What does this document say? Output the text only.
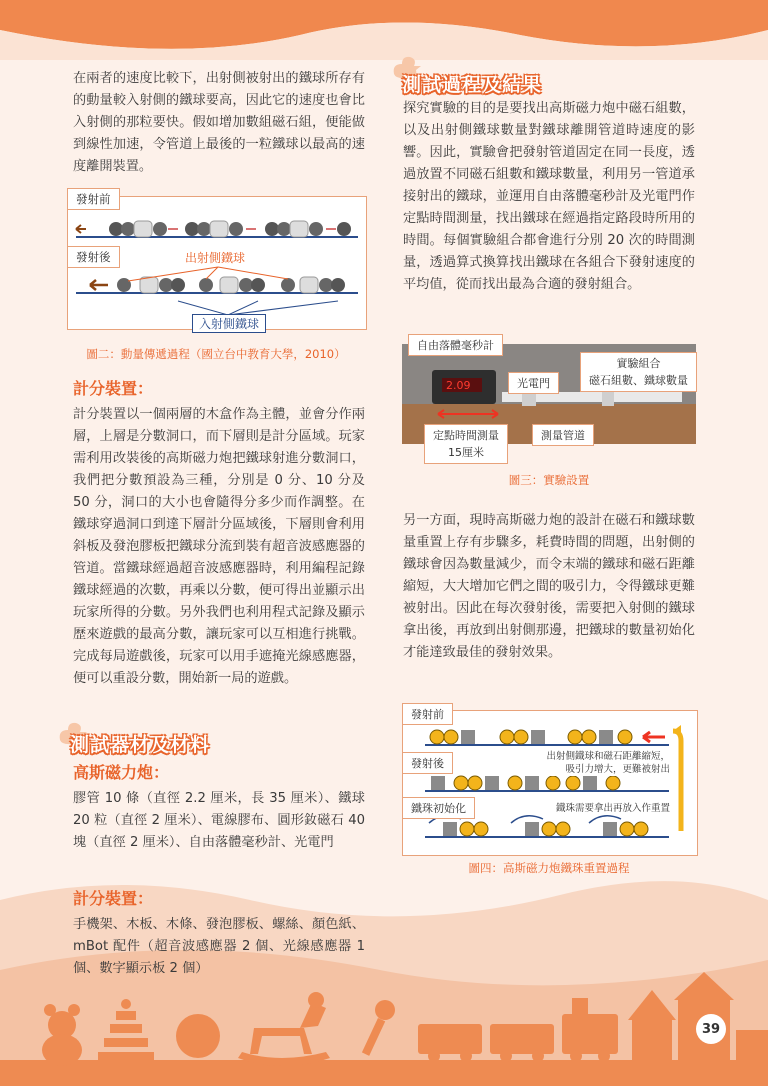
在兩者的速度比較下，出射側被射出的鐵球所存有的動量較入射側的鐵球要高，因此它的速度也會比入射側的那粒要快。假如增加數組磁石組，便能做到線性加速，令管道上最後的一粒鐵球以最高的速度離開裝置。

發射前
發射後	出射側鐵球
入射側鐵球
圖二：動量傳遞過程（國立台中教育大學，2010）

計分裝置：

計分裝置以一個兩層的木盒作為主體，並會分作兩層，上層是分數洞口，而下層則是計分區域。玩家需利用改裝後的高斯磁力炮把鐵球射進分數洞口，我們把分數預設為三種，分別是 0 分、10 分及 50 分，洞口的大小也會隨得分多少而作調整。在鐵球穿過洞口到達下層計分區域後，下層則會利用斜板及發泡膠板把鐵球分流到裝有超音波感應器的管道。當鐵球經過超音波感應器時，利用編程記錄鐵球經過的次數，再乘以分數，便可得出並顯示出玩家所得的分數。另外我們也利用程式記錄及顯示歷來遊戲的最高分數，讓玩家可以互相進行挑戰。完成每局遊戲後，玩家可以用手遮掩光線感應器，便可以重設分數，開始新一局的遊戲。

測試器材及材料

高斯磁力炮：

膠管 10 條（直徑 2.2 厘米，長 35 厘米）、鐵球 20 粒（直徑 2 厘米）、電線膠布、圓形釹磁石 40 塊（直徑 2 厘米）、自由落體毫秒計、光電門

計分裝置：

手機架、木板、木條、發泡膠板、螺絲、顏色紙、mBot 配件（超音波感應器 2 個、光線感應器 1 個、數字顯示板 2 個）

測試過程及結果

探究實驗的目的是要找出高斯磁力炮中磁石組數，以及出射側鐵球數量對鐵球離開管道時速度的影響。因此，實驗會把發射管道固定在同一長度，透過放置不同磁石組數和鐵球數量，利用另一管道承接射出的鐵球，並運用自由落體毫秒計及光電門作定點時間測量，找出鐵球在經過指定路段時所用的時間。每個實驗組合都會進行分別 20 次的時間測量，透過算式換算找出鐵球在各組合下發射速度的平均值，從而找出最為合適的發射組合。

2.09
自由落體毫秒計
光電門
實驗組合
磁石組數、鐵球數量
定點時間測量
15厘米
測量管道
圖三：實驗設置

另一方面，現時高斯磁力炮的設計在磁石和鐵球數量重置上存有步驟多，耗費時間的問題，出射側的鐵球會因為數量減少，而令末端的鐵球和磁石距離縮短，大大增加它們之間的吸引力，令得鐵球更難被射出。因此在每次發射後，需要把入射側的鐵球拿出後，再放到出射側那邊，把鐵球的數量初始化才能達致最佳的發射效果。

發射前
發射後
鐵珠初始化
出射側鐵球和磁石距離縮短，
吸引力增大，更難被射出
鐵珠需要拿出再放入作重置
圖四：高斯磁力炮鐵珠重置過程
39
